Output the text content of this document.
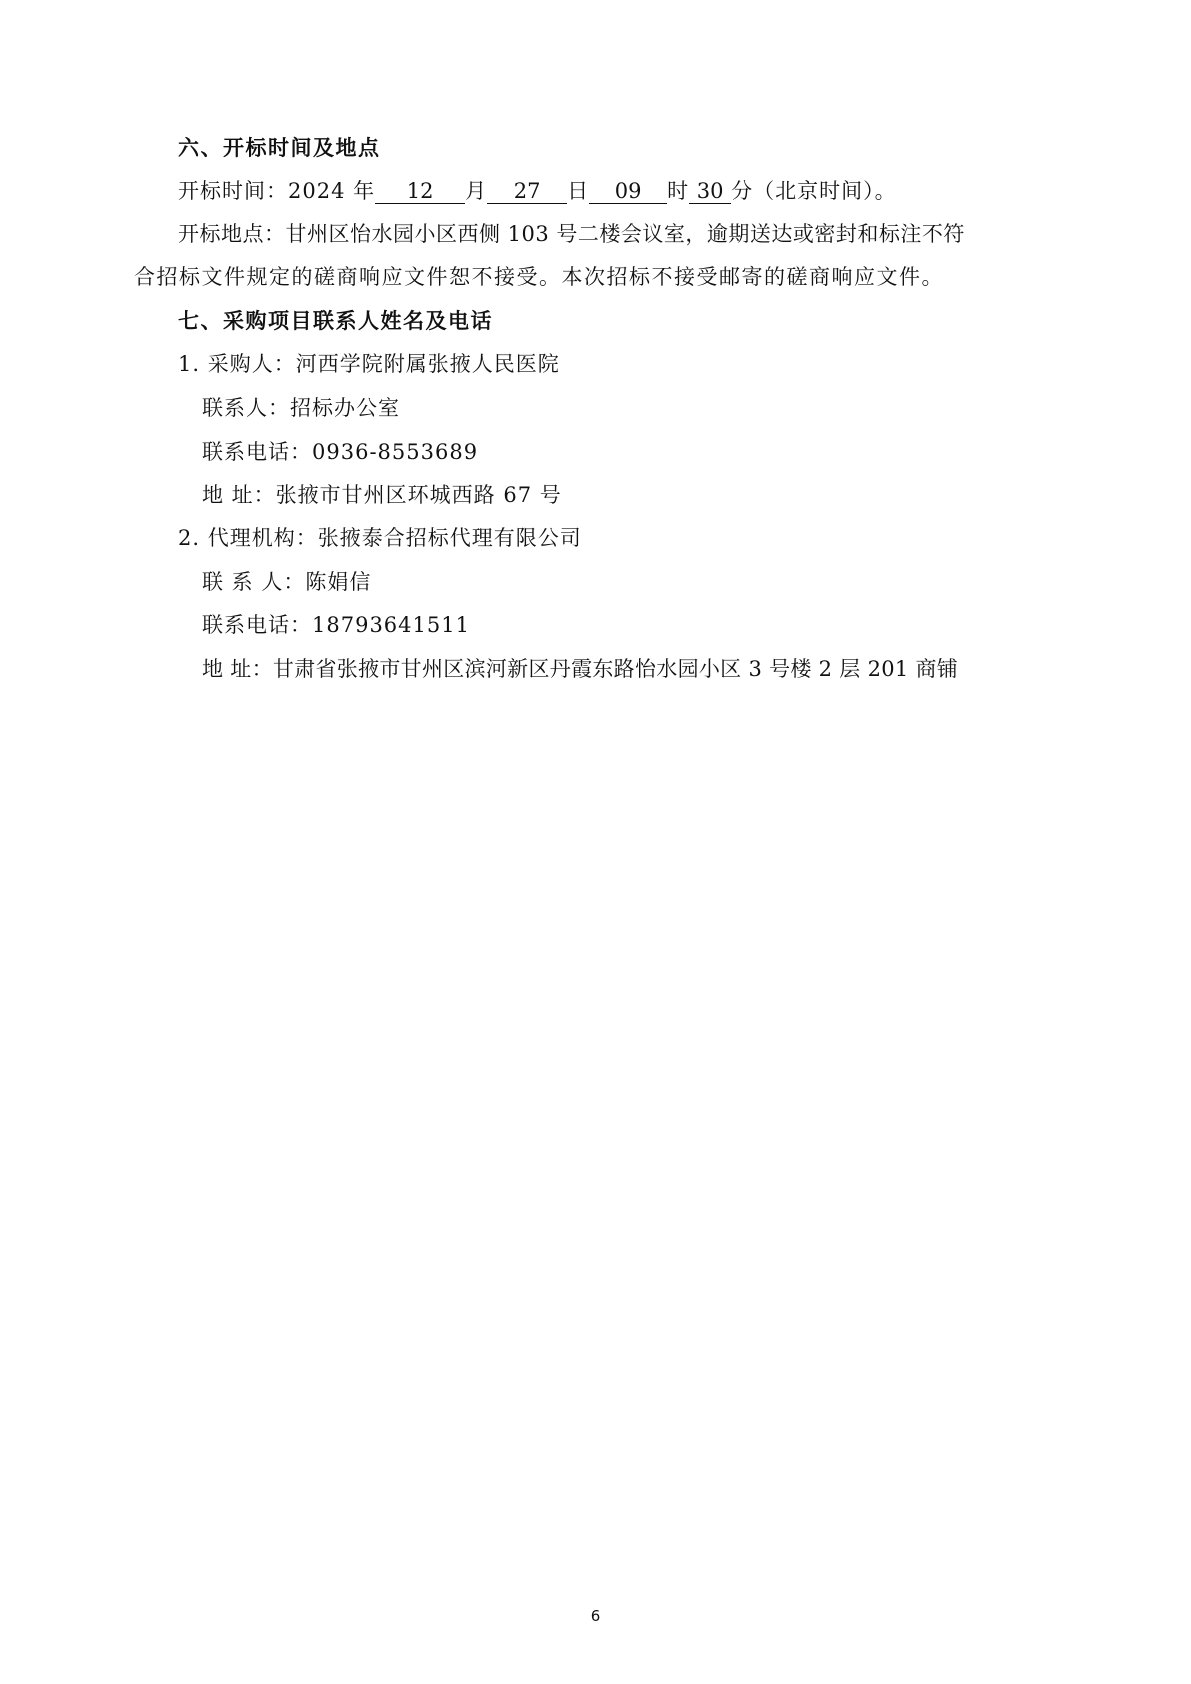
六、开标时间及地点
开标时间：2024 年 12 月 27 日 09 时 30 分（北京时间）。
开标地点：甘州区怡水园小区西侧 103 号二楼会议室，逾期送达或密封和标注不符
合招标文件规定的磋商响应文件恕不接受。本次招标不接受邮寄的磋商响应文件。
七、采购项目联系人姓名及电话
1. 采购人：河西学院附属张掖人民医院
联系人：招标办公室
联系电话：0936-8553689
地 址：张掖市甘州区环城西路 67 号
2. 代理机构：张掖泰合招标代理有限公司
联 系 人：陈娟信
联系电话：18793641511
地 址：甘肃省张掖市甘州区滨河新区丹霞东路怡水园小区 3 号楼 2 层 201 商铺
6
